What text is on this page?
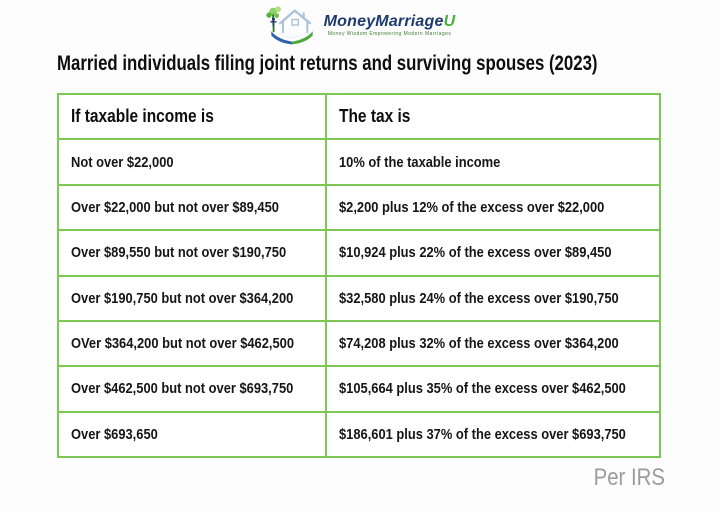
MoneyMarriageU
Money Wisdom Empowering Modern Marriages
Married individuals filing joint returns and surviving spouses (2023)
If taxable income is	The tax is
Not over $22,000	10% of the taxable income
Over $22,000 but not over $89,450	$2,200 plus 12% of the excess over $22,000
Over $89,550 but not over $190,750	$10,924 plus 22% of the excess over $89,450
Over $190,750 but not over $364,200	$32,580 plus 24% of the excess over $190,750
OVer $364,200 but not over $462,500	$74,208 plus 32% of the excess over $364,200
Over $462,500 but not over $693,750	$105,664 plus 35% of the excess over $462,500
Over $693,650	$186,601 plus 37% of the excess over $693,750
Per IRS
